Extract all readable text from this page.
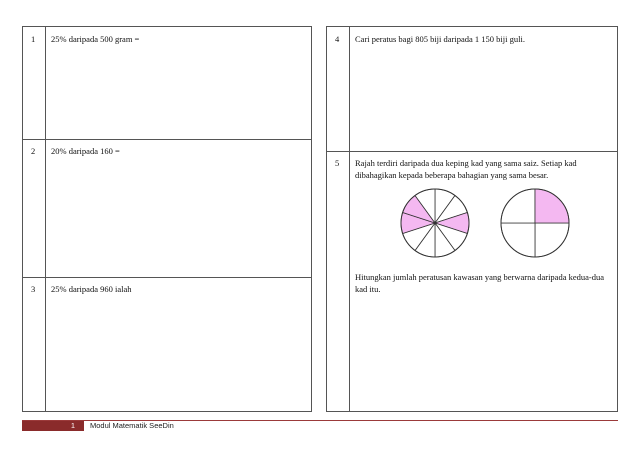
1 25% daripada 500 gram =
2 20% daripada 160 =
3 25% daripada 960 ialah
4 Cari peratus bagi 805 biji daripada 1 150 biji guli.
5 Rajah terdiri daripada dua keping kad yang sama saiz. Setiap kad dibahagikan kepada beberapa bahagian yang sama besar.
Hitungkan jumlah peratusan kawasan yang berwarna daripada kedua-dua kad itu.
1	Modul Matematik SeeDin
